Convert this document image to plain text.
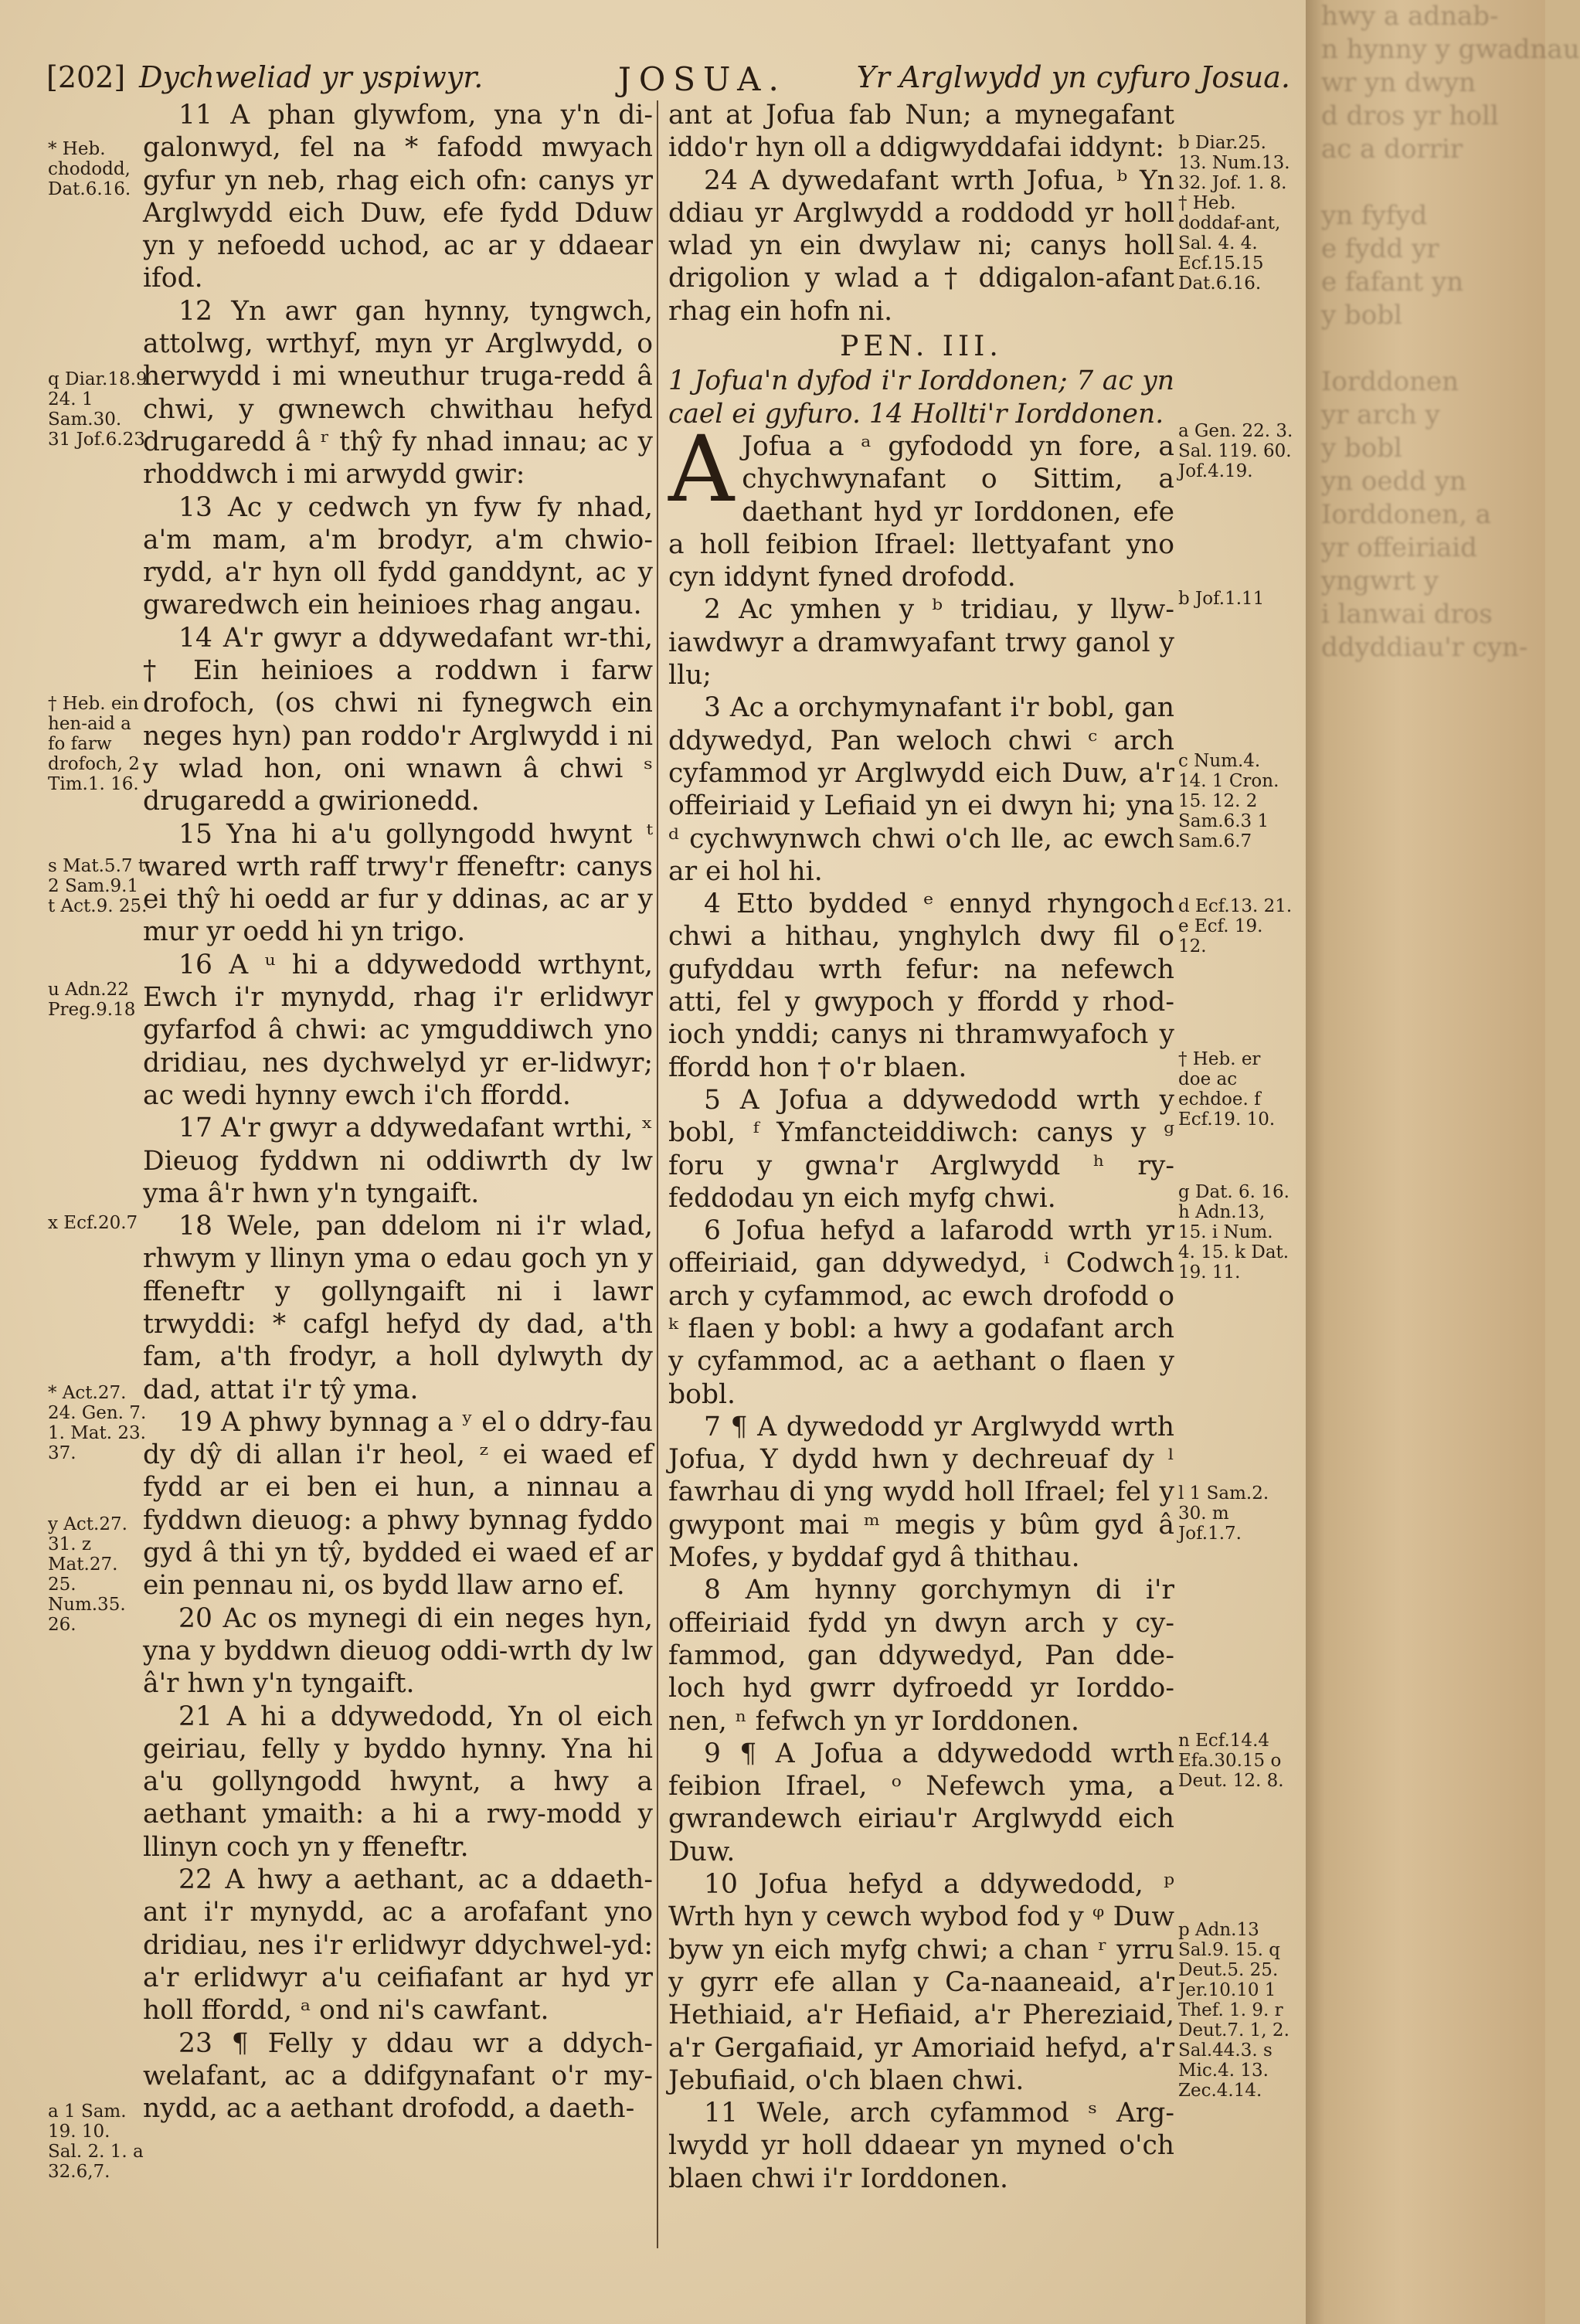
[202] Dychweliad yr yspiwyr.	JOSUA. Yr Arglwydd yn cyfuro Josua.

11 A phan glywfom, yna y'n di-galonwyd, fel na * fafodd mwyach gyfur yn neb, rhag eich ofn: canys yr Arglwydd eich Duw, efe fydd Dduw yn y nefoedd uchod, ac ar y ddaear ifod.

12 Yn awr gan hynny, tyngwch, attolwg, wrthyf, myn yr Arglwydd, o herwydd i mi wneuthur truga-redd â chwi, y gwnewch chwithau hefyd drugaredd â ʳ thŷ fy nhad innau; ac y rhoddwch i mi arwydd gwir:

13 Ac y cedwch yn fyw fy nhad, a'm mam, a'm brodyr, a'm chwio-rydd, a'r hyn oll fydd ganddynt, ac y gwaredwch ein heinioes rhag angau.

14 A'r gwyr a ddywedafant wr-thi, † Ein heinioes a roddwn i farw drofoch, (os chwi ni fynegwch ein neges hyn) pan roddo'r Arglwydd i ni y wlad hon, oni wnawn â chwi ˢ drugaredd a gwirionedd.

15 Yna hi a'u gollyngodd hwynt ᵗ wared wrth raff trwy'r ffeneftr: canys ei thŷ hi oedd ar fur y ddinas, ac ar y mur yr oedd hi yn trigo.

16 A ᵘ hi a ddywedodd wrthynt, Ewch i'r mynydd, rhag i'r erlidwyr gyfarfod â chwi: ac ymguddiwch yno dridiau, nes dychwelyd yr er-lidwyr; ac wedi hynny ewch i'ch ffordd.

17 A'r gwyr a ddywedafant wrthi, ˣ Dieuog fyddwn ni oddiwrth dy lw yma â'r hwn y'n tyngaift.

18 Wele, pan ddelom ni i'r wlad, rhwym y llinyn yma o edau goch yn y ffeneftr y gollyngaift ni i lawr trwyddi: * cafgl hefyd dy dad, a'th fam, a'th frodyr, a holl dylwyth dy dad, attat i'r tŷ yma.

19 A phwy bynnag a ʸ el o ddry-fau dy dŷ di allan i'r heol, ᶻ ei waed ef fydd ar ei ben ei hun, a ninnau a fyddwn dieuog: a phwy bynnag fyddo gyd â thi yn tŷ, bydded ei waed ef ar ein pennau ni, os bydd llaw arno ef.

20 Ac os mynegi di ein neges hyn, yna y byddwn dieuog oddi-wrth dy lw â'r hwn y'n tyngaift.

21 A hi a ddywedodd, Yn ol eich geiriau, felly y byddo hynny. Yna hi a'u gollyngodd hwynt, a hwy a aethant ymaith: a hi a rwy-modd y llinyn coch yn y ffeneftr.

22 A hwy a aethant, ac a ddaeth-ant i'r mynydd, ac a arofafant yno dridiau, nes i'r erlidwyr ddychwel-yd: a'r erlidwyr a'u ceifiafant ar hyd yr holl ffordd, ᵃ ond ni's cawfant.

23 ¶ Felly y ddau wr a ddych-welafant, ac a ddifgynafant o'r my-nydd, ac a aethant drofodd, a daeth-

ant at Jofua fab Nun; a mynegafant iddo'r hyn oll a ddigwyddafai iddynt:

24 A dywedafant wrth Jofua, ᵇ Yn ddiau yr Arglwydd a roddodd yr holl wlad yn ein dwylaw ni; canys holl drigolion y wlad a † ddigalon-afant rhag ein hofn ni.

PEN. III.

1 Jofua'n dyfod i'r Iorddonen; 7 ac yn cael ei gyfuro. 14 Hollti'r Iorddonen.

A Jofua a ᵃ gyfododd yn fore, a chychwynafant o Sittim, a daethant hyd yr Iorddonen, efe a holl feibion Ifrael: llettyafant yno cyn iddynt fyned drofodd.

2 Ac ymhen y ᵇ tridiau, y llyw-iawdwyr a dramwyafant trwy ganol y llu;

3 Ac a orchymynafant i'r bobl, gan ddywedyd, Pan weloch chwi ᶜ arch cyfammod yr Arglwydd eich Duw, a'r offeiriaid y Lefiaid yn ei dwyn hi; yna ᵈ cychwynwch chwi o'ch lle, ac ewch ar ei hol hi.

4 Etto bydded ᵉ ennyd rhyngoch chwi a hithau, ynghylch dwy fil o gufyddau wrth fefur: na nefewch atti, fel y gwypoch y ffordd y rhod-ioch ynddi; canys ni thramwyafoch y ffordd hon † o'r blaen.

5 A Jofua a ddywedodd wrth y bobl, ᶠ Ymfancteiddiwch: canys y ᵍ foru y gwna'r Arglwydd ʰ ry-feddodau yn eich myfg chwi.

6 Jofua hefyd a lafarodd wrth yr offeiriaid, gan ddywedyd, ⁱ Codwch arch y cyfammod, ac ewch drofodd o ᵏ flaen y bobl: a hwy a godafant arch y cyfammod, ac a aethant o flaen y bobl.

7 ¶ A dywedodd yr Arglwydd wrth Jofua, Y dydd hwn y dechreuaf dy ˡ fawrhau di yng wydd holl Ifrael; fel y gwypont mai ᵐ megis y bûm gyd â Mofes, y byddaf gyd â thithau.

8 Am hynny gorchymyn di i'r offeiriaid fydd yn dwyn arch y cy-fammod, gan ddywedyd, Pan dde-loch hyd gwrr dyfroedd yr Iorddo-nen, ⁿ fefwch yn yr Iorddonen.

9 ¶ A Jofua a ddywedodd wrth feibion Ifrael, ᵒ Nefewch yma, a gwrandewch eiriau'r Arglwydd eich Duw.

10 Jofua hefyd a ddywedodd, ᵖ Wrth hyn y cewch wybod fod y ᵠ Duw byw yn eich myfg chwi; a chan ʳ yrru y gyrr efe allan y Ca-naaneaid, a'r Hethiaid, a'r Hefiaid, a'r Phereziaid, a'r Gergafiaid, yr Amoriaid hefyd, a'r Jebufiaid, o'ch blaen chwi.

11 Wele, arch cyfammod ˢ Arg-lwydd yr holl ddaear yn myned o'ch blaen chwi i'r Iorddonen.

* Heb. chododd, Dat.6.16.
q Diar.18.9 24. 1 Sam.30. 31 Jof.6.23
† Heb. ein hen-aid a fo farw drofoch, 2 Tim.1. 16.
s Mat.5.7 t 2 Sam.9.1 t Act.9. 25.
u Adn.22 Preg.9.18
x Ecf.20.7
* Act.27. 24. Gen. 7. 1. Mat. 23. 37.
y Act.27. 31. z Mat.27. 25. Num.35. 26.
a 1 Sam. 19. 10. Sal. 2. 1. a 32.6,7.
b Diar.25. 13. Num.13. 32. Jof. 1. 8. † Heb. doddaf-ant, Sal. 4. 4. Ecf.15.15 Dat.6.16.
a Gen. 22. 3. Sal. 119. 60. Jof.4.19.
b Jof.1.11
c Num.4. 14. 1 Cron. 15. 12. 2 Sam.6.3 1 Sam.6.7
d Ecf.13. 21. e Ecf. 19. 12.
† Heb. er doe ac echdoe. f Ecf.19. 10.
g Dat. 6. 16. h Adn.13, 15. i Num. 4. 15. k Dat. 19. 11.
l 1 Sam.2. 30. m Jof.1.7.
n Ecf.14.4 Efa.30.15 o Deut. 12. 8.
p Adn.13 Sal.9. 15. q Deut.5. 25. Jer.10.10 1 Thef. 1. 9. r Deut.7. 1, 2. Sal.44.3. s Mic.4. 13. Zec.4.14.
hwy a adnab-
n hynny y gwadnau
wr yn dwyn
d dros yr holl
ac a dorrir
yn fyfyd
e fydd yr
e fafant yn
y bobl
Iorddonen
yr arch y
y bobl
yn oedd yn
Iorddonen, a
yr offeiriaid
yngwrt y
i lanwai dros
ddyddiau'r cyn-
